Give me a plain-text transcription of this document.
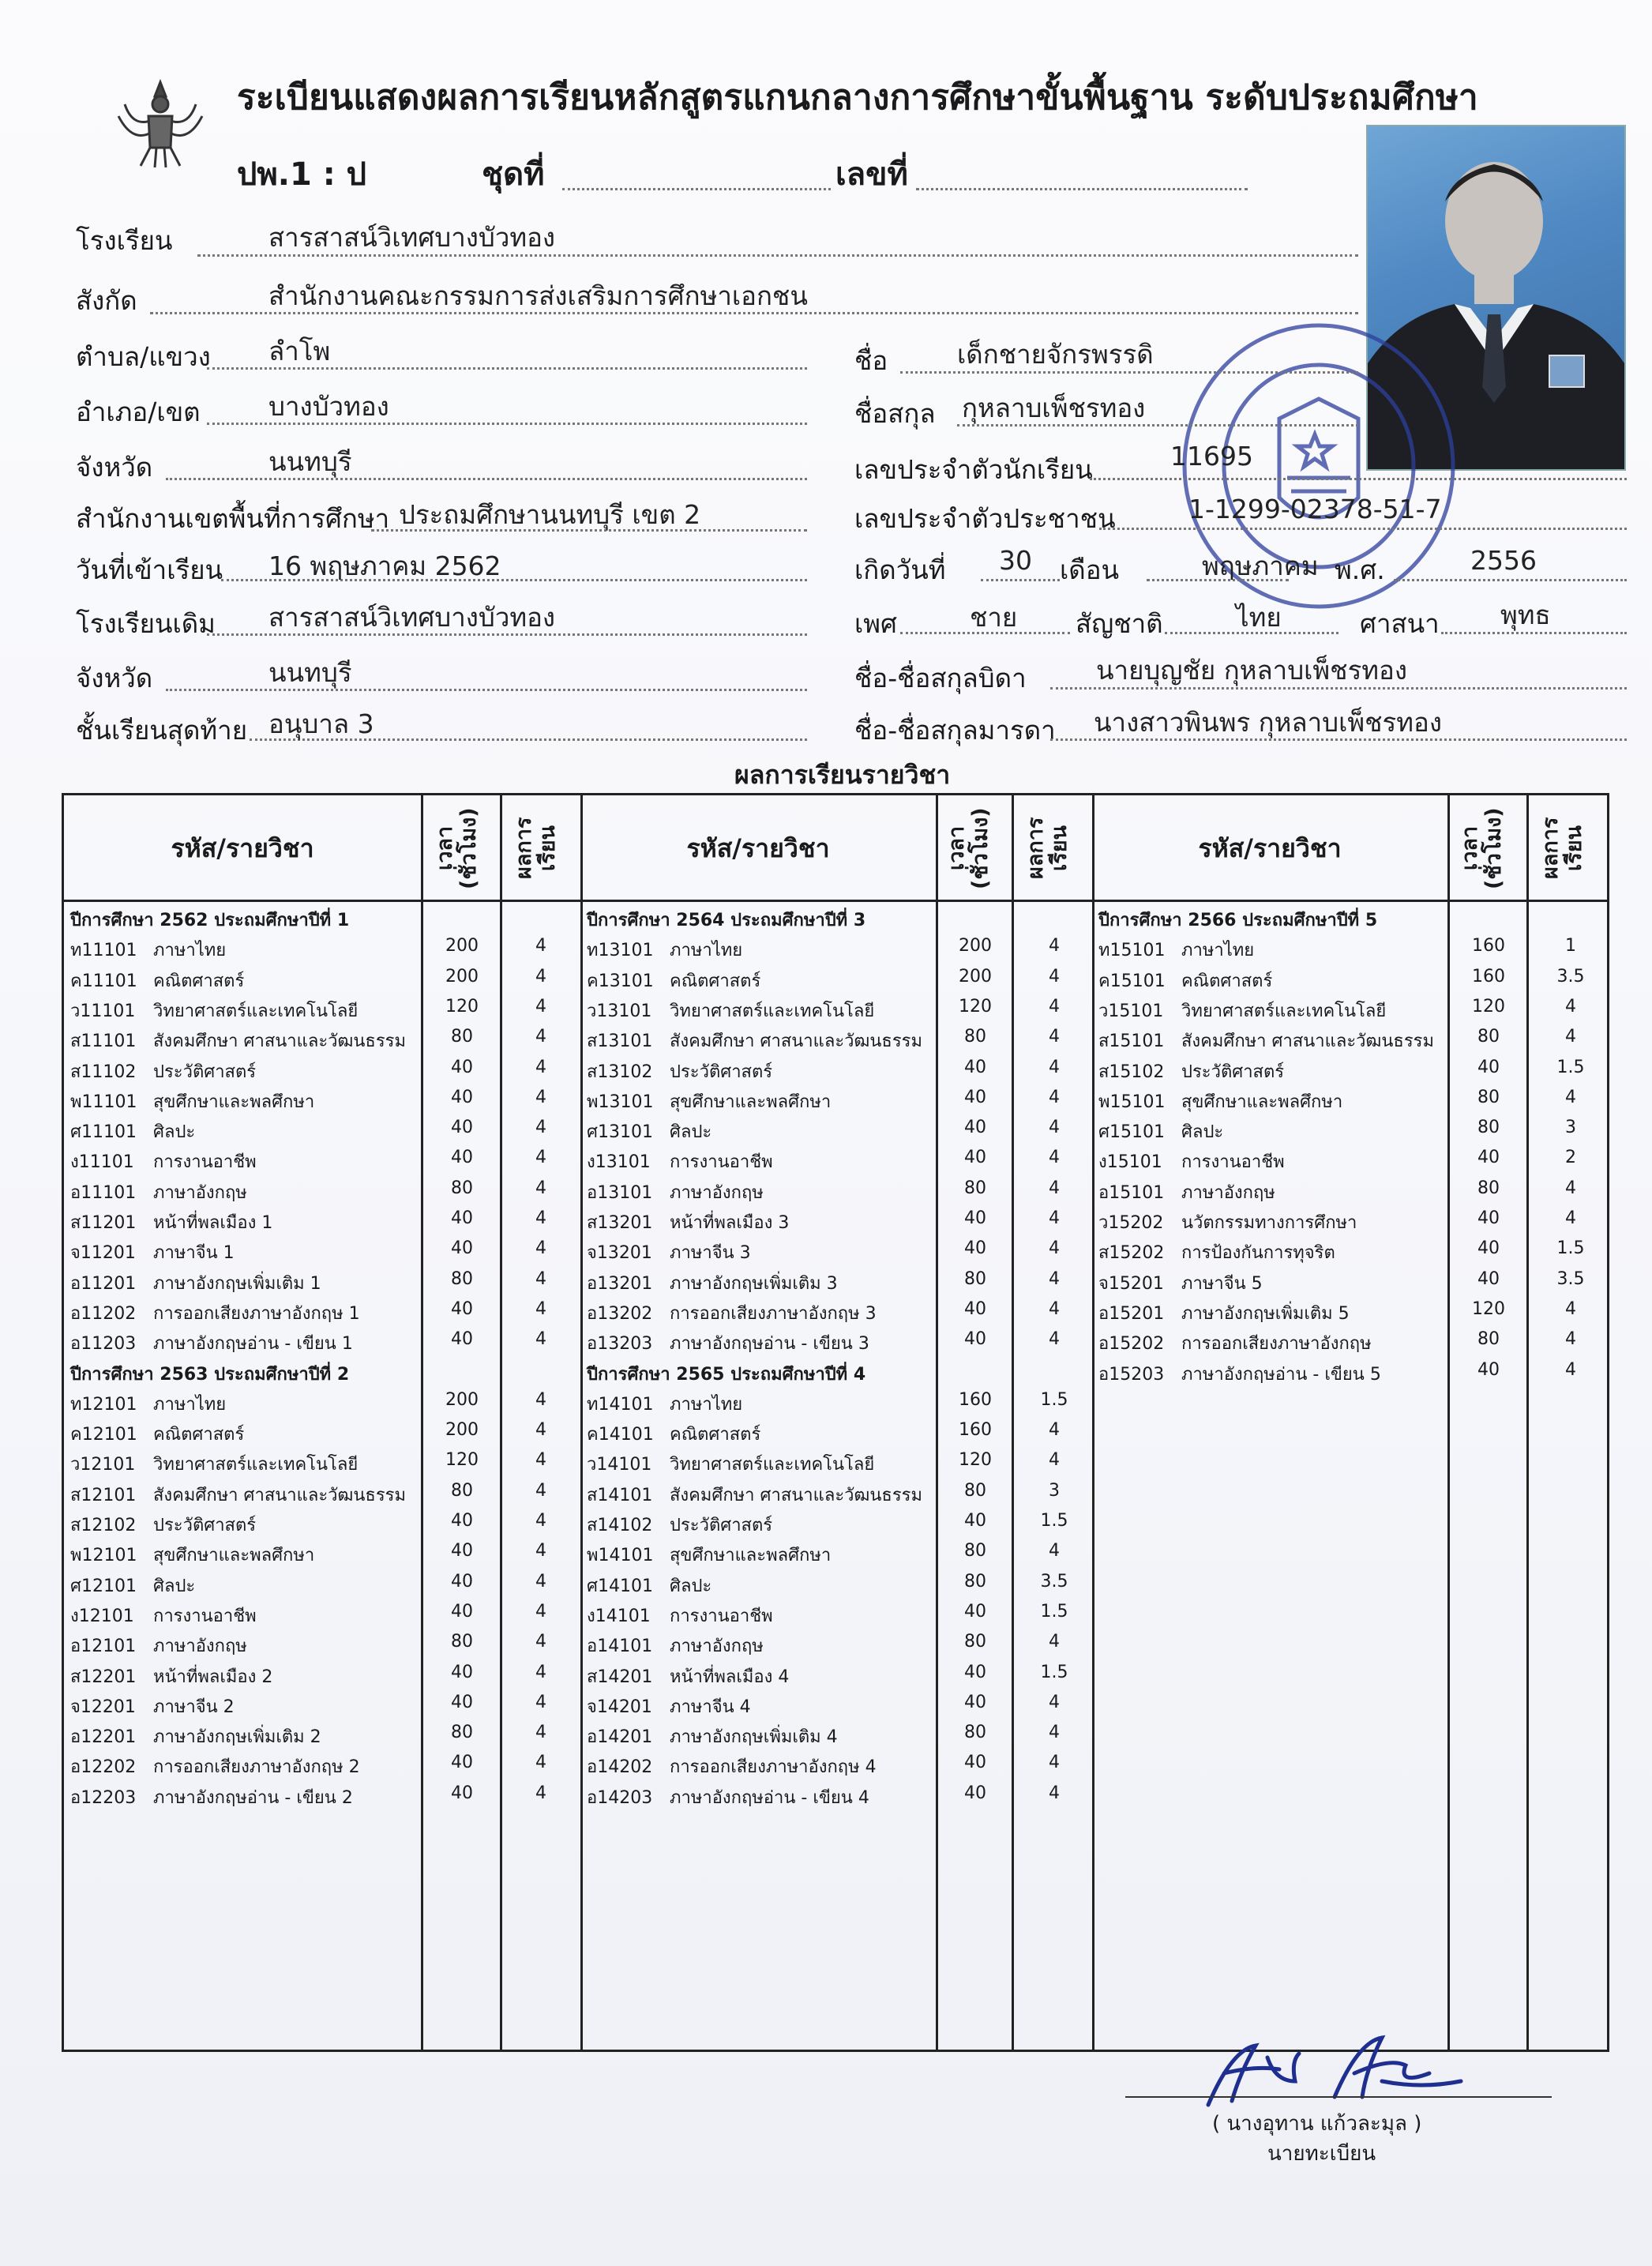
ระเบียนแสดงผลการเรียนหลักสูตรแกนกลางการศึกษาขั้นพื้นฐาน ระดับประถมศึกษา
ปพ.1 : ป	ชุดที่	เลขที่
โรงเรียน	สารสาสน์วิเทศบางบัวทอง
สังกัด	สำนักงานคณะกรรมการส่งเสริมการศึกษาเอกชน
ตำบล/แขวง ลำโพ
อำเภอ/เขต	บางบัวทอง
จังหวัด	นนทบุรี
สำนักงานเขตพื้นที่การศึกษา ประถมศึกษานนทบุรี เขต 2
วันที่เข้าเรียน 16 พฤษภาคม 2562
โรงเรียนเดิม สารสาสน์วิเทศบางบัวทอง
จังหวัด	นนทบุรี
ชั้นเรียนสุดท้าย อนุบาล 3
ชื่อ	เด็กชายจักรพรรดิ
ชื่อสกุล กุหลาบเพ็ชรทอง
เลขประจำตัวนักเรียน	11695
เลขประจำตัวประชาชน	1-1299-02378-51-7
เกิดวันที่ 30 เดือน	พฤษภาคม พ.ศ.	2556
เพศ	ชาย สัญชาติ	ไทย	ศาสนา พุทธ
ชื่อ-ชื่อสกุลบิดา	นายบุญชัย กุหลาบเพ็ชรทอง
ชื่อ-ชื่อสกุลมารดา นางสาวพินพร กุหลาบเพ็ชรทอง
ผลการเรียนรายวิชา
รหัส/รายวิชา	เวลา (ชั่วโมง)	ผลการ เรียน	รหัส/รายวิชา	เวลา (ชั่วโมง)	ผลการ เรียน	รหัส/รายวิชา	เวลา (ชั่วโมง)	ผลการ เรียน
ปีการศึกษา 2562 ประถมศึกษาปีที่ 1
ท11101 ภาษาไทย	200	4
ค11101 คณิตศาสตร์	200	4
ว11101 วิทยาศาสตร์และเทคโนโลยี	120	4
ส11101 สังคมศึกษา ศาสนาและวัฒนธรรม	80	4
ส11102 ประวัติศาสตร์	40	4
พ11101 สุขศึกษาและพลศึกษา	40	4
ศ11101 ศิลปะ	40	4
ง11101 การงานอาชีพ	40	4
อ11101 ภาษาอังกฤษ	80	4
ส11201 หน้าที่พลเมือง 1	40	4
จ11201 ภาษาจีน 1	40	4
อ11201 ภาษาอังกฤษเพิ่มเติม 1	80	4
อ11202 การออกเสียงภาษาอังกฤษ 1	40	4
อ11203 ภาษาอังกฤษอ่าน - เขียน 1	40	4
ปีการศึกษา 2563 ประถมศึกษาปีที่ 2
ท12101 ภาษาไทย	200	4
ค12101 คณิตศาสตร์	200	4
ว12101 วิทยาศาสตร์และเทคโนโลยี	120	4
ส12101 สังคมศึกษา ศาสนาและวัฒนธรรม	80	4
ส12102 ประวัติศาสตร์	40	4
พ12101 สุขศึกษาและพลศึกษา	40	4
ศ12101 ศิลปะ	40	4
ง12101 การงานอาชีพ	40	4
อ12101 ภาษาอังกฤษ	80	4
ส12201 หน้าที่พลเมือง 2	40	4
จ12201 ภาษาจีน 2	40	4
อ12201 ภาษาอังกฤษเพิ่มเติม 2	80	4
อ12202 การออกเสียงภาษาอังกฤษ 2	40	4
อ12203 ภาษาอังกฤษอ่าน - เขียน 2	40	4
ปีการศึกษา 2564 ประถมศึกษาปีที่ 3
ท13101 ภาษาไทย	200	4
ค13101 คณิตศาสตร์	200	4
ว13101 วิทยาศาสตร์และเทคโนโลยี	120	4
ส13101 สังคมศึกษา ศาสนาและวัฒนธรรม	80	4
ส13102 ประวัติศาสตร์	40	4
พ13101 สุขศึกษาและพลศึกษา	40	4
ศ13101 ศิลปะ	40	4
ง13101 การงานอาชีพ	40	4
อ13101 ภาษาอังกฤษ	80	4
ส13201 หน้าที่พลเมือง 3	40	4
จ13201 ภาษาจีน 3	40	4
อ13201 ภาษาอังกฤษเพิ่มเติม 3	80	4
อ13202 การออกเสียงภาษาอังกฤษ 3	40	4
อ13203 ภาษาอังกฤษอ่าน - เขียน 3	40	4
ปีการศึกษา 2565 ประถมศึกษาปีที่ 4
ท14101 ภาษาไทย	160	1.5
ค14101 คณิตศาสตร์	160	4
ว14101 วิทยาศาสตร์และเทคโนโลยี	120	4
ส14101 สังคมศึกษา ศาสนาและวัฒนธรรม	80	3
ส14102 ประวัติศาสตร์	40	1.5
พ14101 สุขศึกษาและพลศึกษา	80	4
ศ14101 ศิลปะ	80	3.5
ง14101 การงานอาชีพ	40	1.5
อ14101 ภาษาอังกฤษ	80	4
ส14201 หน้าที่พลเมือง 4	40	1.5
จ14201 ภาษาจีน 4	40	4
อ14201 ภาษาอังกฤษเพิ่มเติม 4	80	4
อ14202 การออกเสียงภาษาอังกฤษ 4	40	4
อ14203 ภาษาอังกฤษอ่าน - เขียน 4	40	4
ปีการศึกษา 2566 ประถมศึกษาปีที่ 5
ท15101 ภาษาไทย	160	1
ค15101 คณิตศาสตร์	160	3.5
ว15101 วิทยาศาสตร์และเทคโนโลยี	120	4
ส15101 สังคมศึกษา ศาสนาและวัฒนธรรม	80	4
ส15102 ประวัติศาสตร์	40	1.5
พ15101 สุขศึกษาและพลศึกษา	80	4
ศ15101 ศิลปะ	80	3
ง15101 การงานอาชีพ	40	2
อ15101 ภาษาอังกฤษ	80	4
ว15202 นวัตกรรมทางการศึกษา	40	4
ส15202 การป้องกันการทุจริต	40	1.5
จ15201 ภาษาจีน 5	40	3.5
อ15201 ภาษาอังกฤษเพิ่มเติม 5	120	4
อ15202 การออกเสียงภาษาอังกฤษ	80	4
อ15203 ภาษาอังกฤษอ่าน - เขียน 5	40	4
( นางอุทาน แก้วละมุล )
นายทะเบียน
